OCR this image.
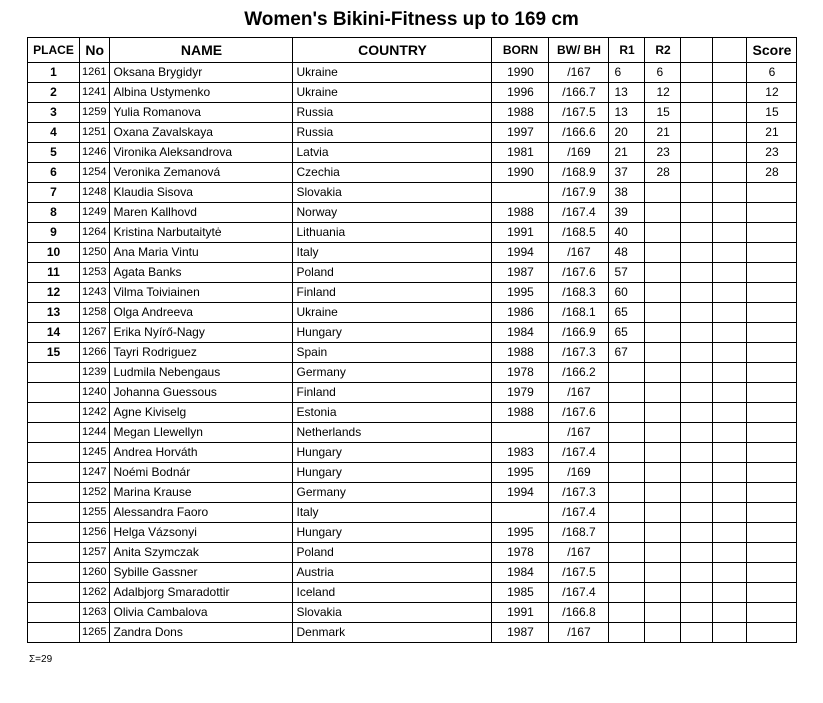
Women's Bikini-Fitness up to 169 cm
PLACE	No	NAME	COUNTRY	BORN	BW/ BH	R1	R2			Score
1	1261	Oksana Brygidyr	Ukraine	1990	/167	6	6			6
2	1241	Albina Ustymenko	Ukraine	1996	/166.7	13	12			12
3	1259	Yulia Romanova	Russia	1988	/167.5	13	15			15
4	1251	Oxana Zavalskaya	Russia	1997	/166.6	20	21			21
5	1246	Vironika Aleksandrova	Latvia	1981	/169	21	23			23
6	1254	Veronika Zemanová	Czechia	1990	/168.9	37	28			28
7	1248	Klaudia Sisova	Slovakia		/167.9	38				
8	1249	Maren Kallhovd	Norway	1988	/167.4	39				
9	1264	Kristina Narbutaitytė	Lithuania	1991	/168.5	40				
10	1250	Ana Maria Vintu	Italy	1994	/167	48				
11	1253	Agata Banks	Poland	1987	/167.6	57				
12	1243	Vilma Toiviainen	Finland	1995	/168.3	60				
13	1258	Olga Andreeva	Ukraine	1986	/168.1	65				
14	1267	Erika Nyírő-Nagy	Hungary	1984	/166.9	65				
15	1266	Tayri Rodriguez	Spain	1988	/167.3	67				
	1239	Ludmila Nebengaus	Germany	1978	/166.2					
	1240	Johanna Guessous	Finland	1979	/167					
	1242	Agne Kiviselg	Estonia	1988	/167.6					
	1244	Megan Llewellyn	Netherlands		/167					
	1245	Andrea Horváth	Hungary	1983	/167.4					
	1247	Noémi Bodnár	Hungary	1995	/169					
	1252	Marina Krause	Germany	1994	/167.3					
	1255	Alessandra Faoro	Italy		/167.4					
	1256	Helga Vázsonyi	Hungary	1995	/168.7					
	1257	Anita Szymczak	Poland	1978	/167					
	1260	Sybille Gassner	Austria	1984	/167.5					
	1262	Adalbjorg Smaradottir	Iceland	1985	/167.4					
	1263	Olivia Cambalova	Slovakia	1991	/166.8					
	1265	Zandra Dons	Denmark	1987	/167					
Σ=29
